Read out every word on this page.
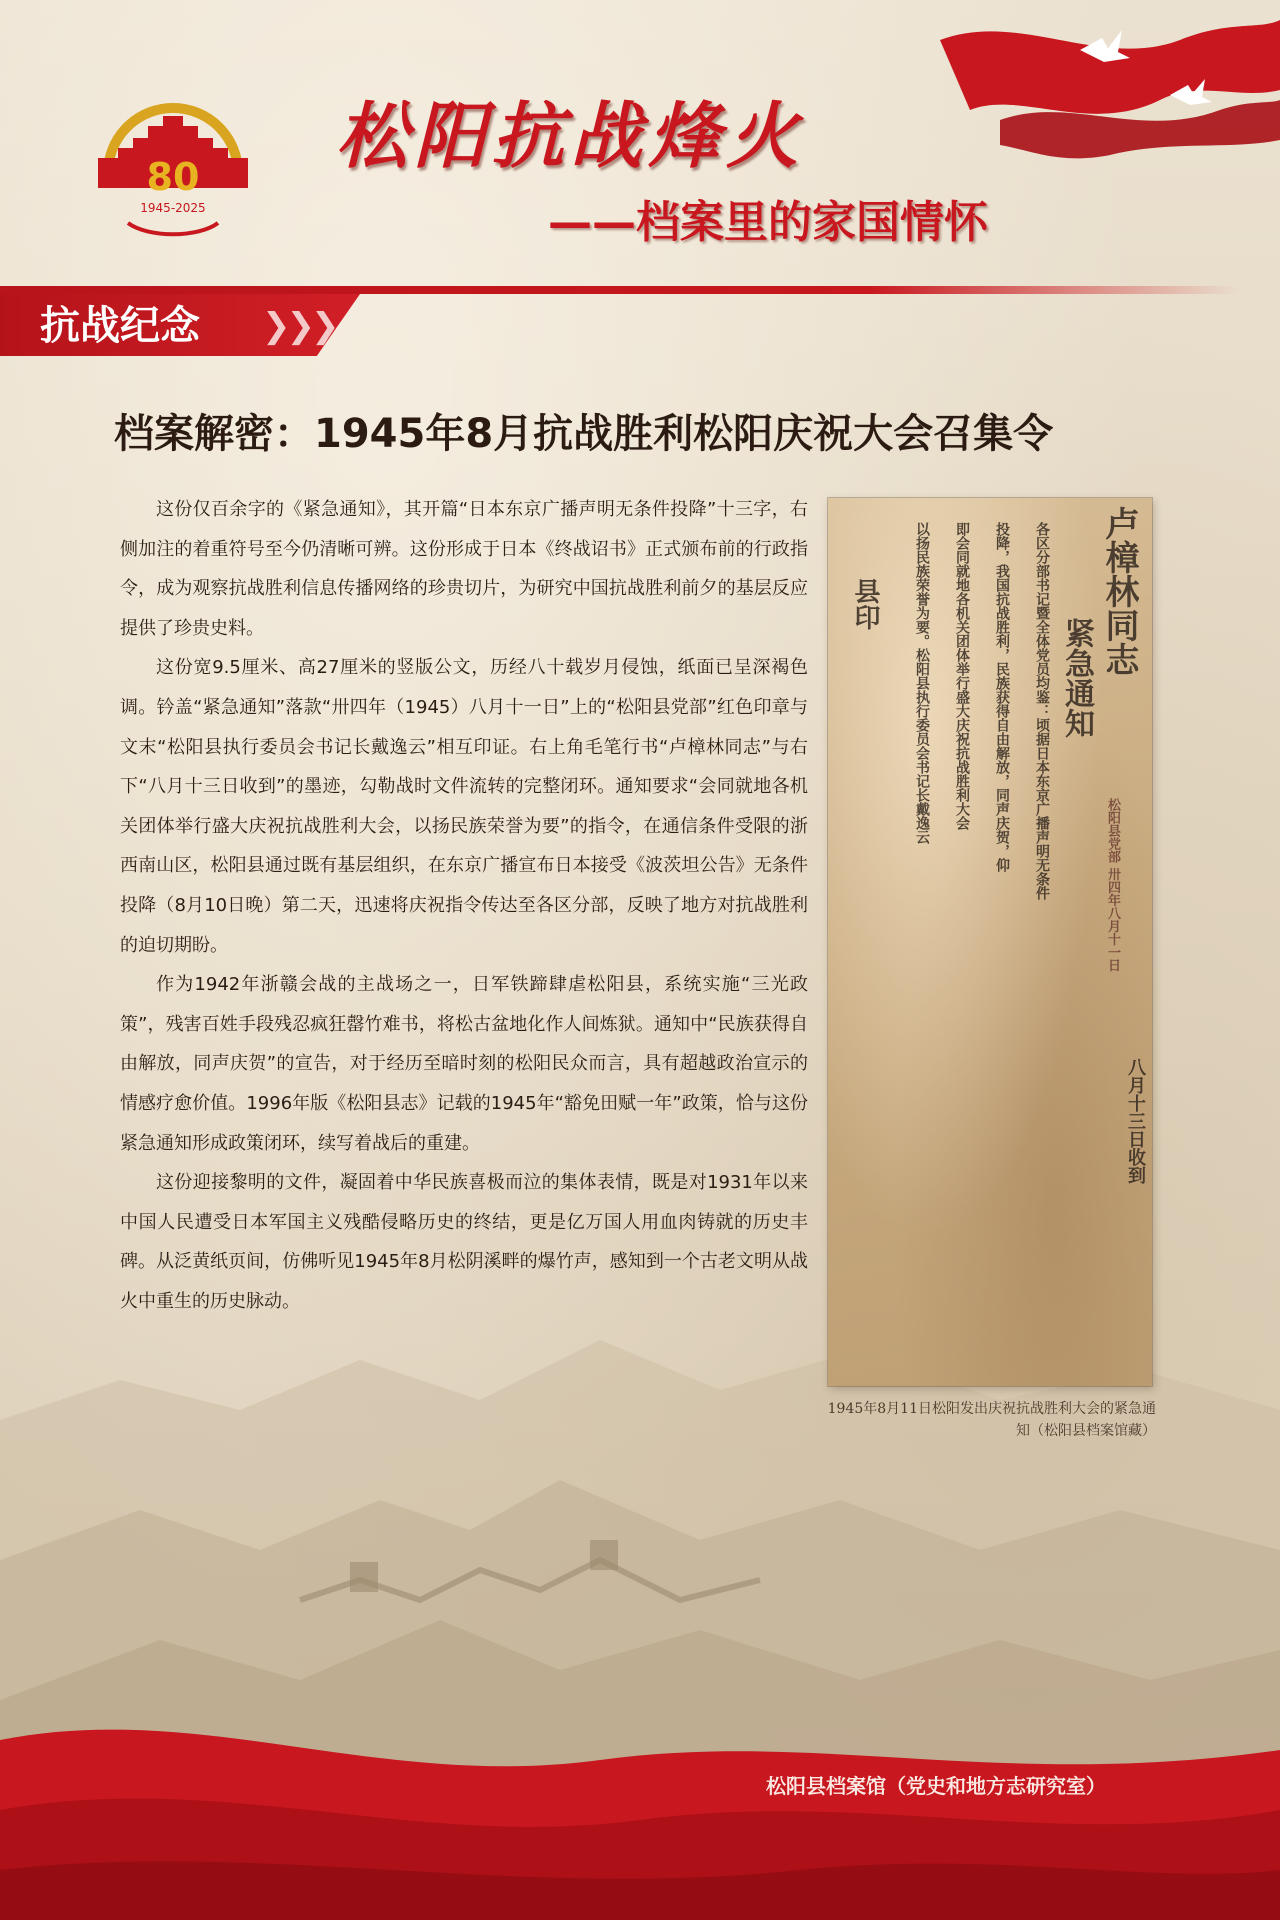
80
1945-2025
松阳抗战烽火
——档案里的家国情怀
抗战纪念 ❯❯❯
档案解密：1945年8月抗战胜利松阳庆祝大会召集令

这份仅百余字的《紧急通知》，其开篇“日本东京广播声明无条件投降”十三字，右侧加注的着重符号至今仍清晰可辨。这份形成于日本《终战诏书》正式颁布前的行政指令，成为观察抗战胜利信息传播网络的珍贵切片，为研究中国抗战胜利前夕的基层反应提供了珍贵史料。

这份宽9.5厘米、高27厘米的竖版公文，历经八十载岁月侵蚀，纸面已呈深褐色调。钤盖“紧急通知”落款“卅四年（1945）八月十一日”上的“松阳县党部”红色印章与文末“松阳县执行委员会书记长戴逸云”相互印证。右上角毛笔行书“卢樟林同志”与右下“八月十三日收到”的墨迹，勾勒战时文件流转的完整闭环。通知要求“会同就地各机关团体举行盛大庆祝抗战胜利大会，以扬民族荣誉为要”的指令，在通信条件受限的浙西南山区，松阳县通过既有基层组织，在东京广播宣布日本接受《波茨坦公告》无条件投降（8月10日晚）第二天，迅速将庆祝指令传达至各区分部，反映了地方对抗战胜利的迫切期盼。

作为1942年浙赣会战的主战场之一，日军铁蹄肆虐松阳县，系统实施“三光政策”，残害百姓手段残忍疯狂罄竹难书，将松古盆地化作人间炼狱。通知中“民族获得自由解放，同声庆贺”的宣告，对于经历至暗时刻的松阳民众而言，具有超越政治宣示的情感疗愈价值。1996年版《松阳县志》记载的1945年“豁免田赋一年”政策，恰与这份紧急通知形成政策闭环，续写着战后的重建。

这份迎接黎明的文件，凝固着中华民族喜极而泣的集体表情，既是对1931年以来中国人民遭受日本军国主义残酷侵略历史的终结，更是亿万国人用血肉铸就的历史丰碑。从泛黄纸页间，仿佛听见1945年8月松阴溪畔的爆竹声，感知到一个古老文明从战火中重生的历史脉动。

卢樟林同志
紧急通知
各区分部书记暨全体党员均鉴：顷据日本东京广播声明无条件
投降，我国抗战胜利，民族获得自由解放，同声庆贺，仰
即会同就地各机关团体举行盛大庆祝抗战胜利大会
以扬民族荣誉为要。松阳县执行委员会书记长戴逸云
县印
松阳县党部 卅四年八月十一日
八月十三日收到
1945年8月11日松阳发出庆祝抗战胜利大会的紧急通知（松阳县档案馆藏）
松阳县档案馆（党史和地方志研究室）
